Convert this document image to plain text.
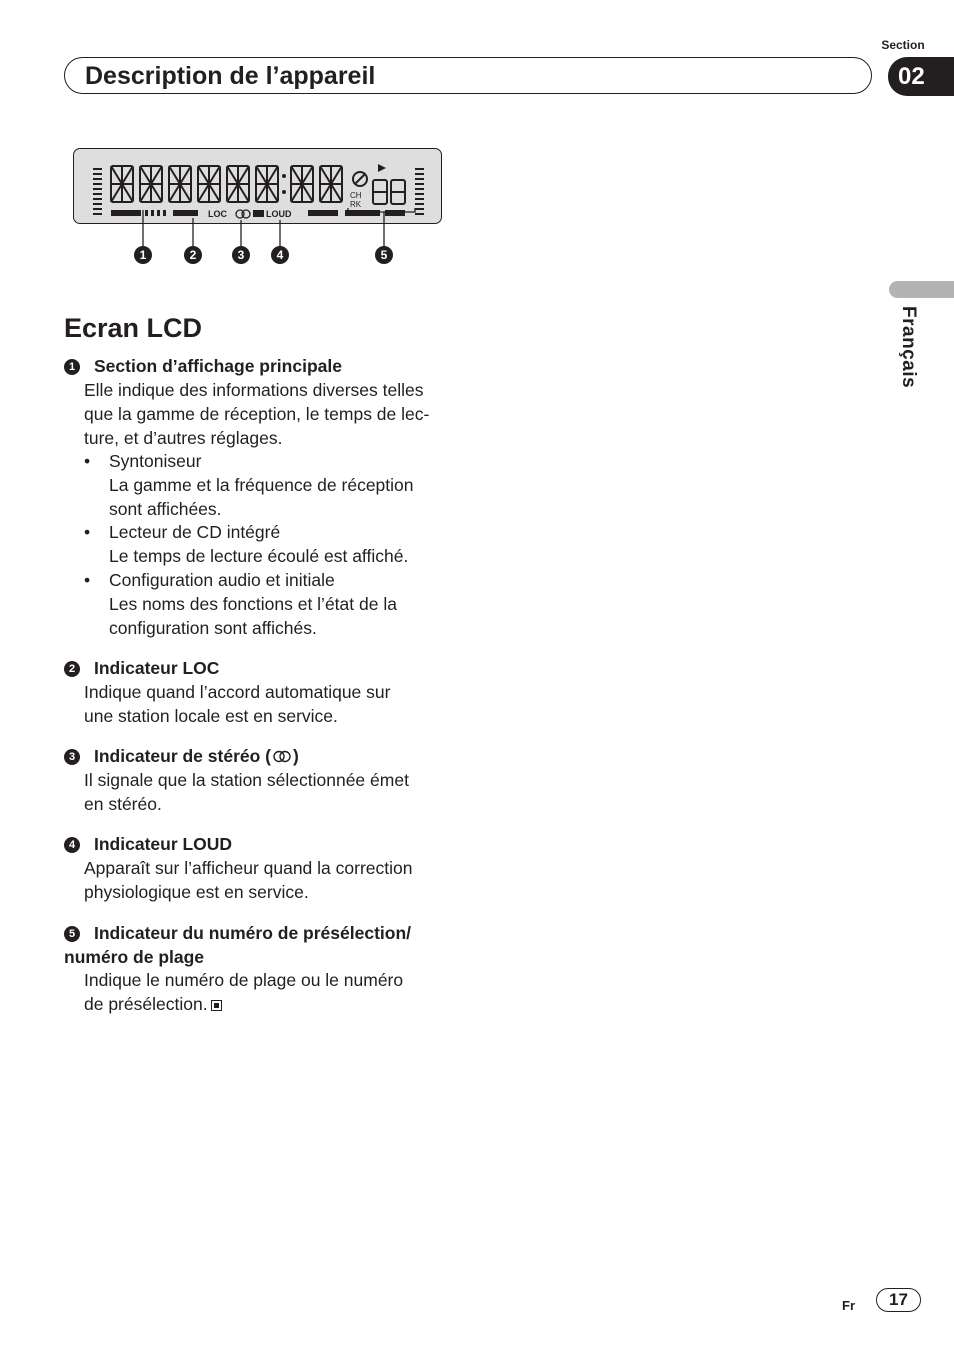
Section
Description de l’appareil	02
Français
CH
RK
LOC	LOUD
1	2	3	4	5
Ecran LCD
1 Section d’affichage principale
Elle indique des informations diverses telles
que la gamme de réception, le temps de lec-
ture, et d’autres réglages.
• Syntoniseur
La gamme et la fréquence de réception
sont affichées.
• Lecteur de CD intégré
Le temps de lecture écoulé est affiché.
• Configuration audio et initiale
Les noms des fonctions et l’état de la
configuration sont affichés.
2 Indicateur LOC
Indique quand l’accord automatique sur
une station locale est en service.
3 Indicateur de stéréo ( )
Il signale que la station sélectionnée émet
en stéréo.
4 Indicateur LOUD
Apparaît sur l’afficheur quand la correction
physiologique est en service.
5 Indicateur du numéro de présélection/
numéro de plage
Indique le numéro de plage ou le numéro
de présélection.
Fr	17
